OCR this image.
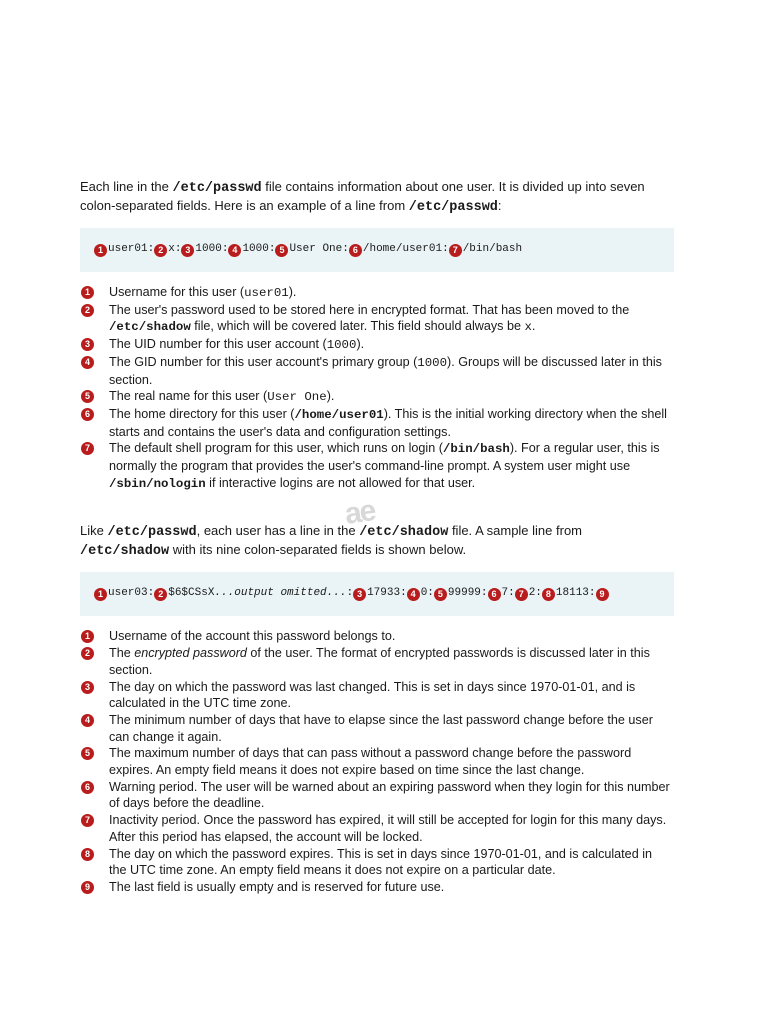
Each line in the /etc/passwd file contains information about one user. It is divided up into seven colon-separated fields. Here is an example of a line from /etc/passwd:

1 user01: 2 x: 3 1000: 4 1000: 5 User One: 6 /home/user01: 7 /bin/bash
1	Username for this user (user01).
2	The user's password used to be stored here in encrypted format. That has been moved to the /etc/shadow file, which will be covered later. This field should always be x.
3	The UID number for this user account (1000).
4	The GID number for this user account's primary group (1000). Groups will be discussed later in this section.
5	The real name for this user (User One).
6	The home directory for this user (/home/user01). This is the initial working directory when the shell starts and contains the user's data and configuration settings.
7	The default shell program for this user, which runs on login (/bin/bash). For a regular user, this is normally the program that provides the user's command-line prompt. A system user might use /sbin/nologin if interactive logins are not allowed for that user.

Like /etc/passwd, each user has a line in the /etc/shadow file. A sample line from /etc/shadow with its nine colon-separated fields is shown below.

1 user03: 2 $6$CSsX...output omitted...: 3 17933: 4 0: 5 99999: 6 7: 7 2: 8 18113: 9
1	Username of the account this password belongs to.
2	The encrypted password of the user. The format of encrypted passwords is discussed later in this section.
3	The day on which the password was last changed. This is set in days since 1970-01-01, and is calculated in the UTC time zone.
4	The minimum number of days that have to elapse since the last password change before the user can change it again.
5	The maximum number of days that can pass without a password change before the password expires. An empty field means it does not expire based on time since the last change.
6	Warning period. The user will be warned about an expiring password when they login for this number of days before the deadline.
7	Inactivity period. Once the password has expired, it will still be accepted for login for this many days. After this period has elapsed, the account will be locked.
8	The day on which the password expires. This is set in days since 1970-01-01, and is calculated in the UTC time zone. An empty field means it does not expire on a particular date.
9	The last field is usually empty and is reserved for future use.
ae
